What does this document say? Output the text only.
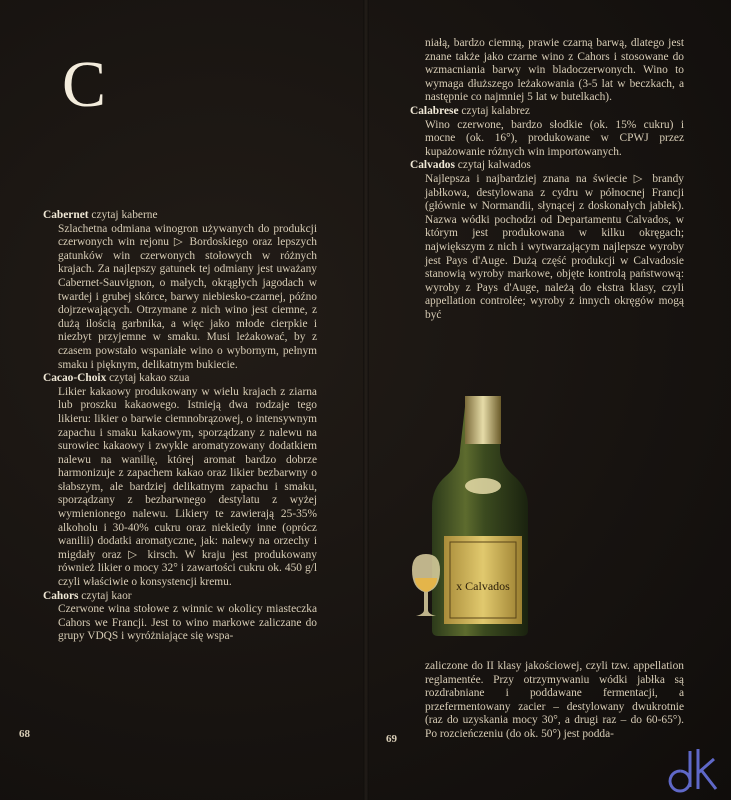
C

Cabernet czytaj kaberne

Szlachetna odmiana winogron używanych do produkcji czerwonych win rejonu ▷ Bordoskiego oraz lepszych gatunków win czerwonych stołowych w różnych krajach. Za najlepszy gatunek tej odmiany jest uważany Cabernet-Sauvignon, o małych, okrągłych jagodach w twardej i grubej skórce, barwy niebiesko-czarnej, późno dojrzewających. Otrzymane z nich wino jest ciemne, z dużą ilością garbnika, a więc jako młode cierpkie i niezbyt przyjemne w smaku. Musi leżakować, by z czasem powstało wspaniałe wino o wybornym, pełnym smaku i pięknym, delikatnym bukiecie.

Cacao-Choix czytaj kakao szua

Likier kakaowy produkowany w wielu krajach z ziarna lub proszku kakaowego. Istnieją dwa rodzaje tego likieru: likier o barwie ciemnobrązowej, o intensywnym zapachu i smaku kakaowym, sporządzany z nalewu na surowiec kakaowy i zwykle aromatyzowany dodatkiem nalewu na wanilię, której aromat bardzo dobrze harmonizuje z zapachem kakao oraz likier bezbarwny o słabszym, ale bardziej delikatnym zapachu i smaku, sporządzany z bezbarwnego destylatu z wyżej wymienionego nalewu. Likiery te zawierają 25-35% alkoholu i 30-40% cukru oraz niekiedy inne (oprócz wanilii) dodatki aromatyczne, jak: nalewy na orzechy i migdały oraz ▷ kirsch. W kraju jest produkowany również likier o mocy 32° i zawartości cukru ok. 450 g/l czyli właściwie o konsystencji kremu.

Cahors czytaj kaor

Czerwone wina stołowe z winnic w okolicy miasteczka Cahors we Francji. Jest to wino markowe zaliczane do grupy VDQS i wyróżniające się wspa-

68

niałą, bardzo ciemną, prawie czarną barwą, dlatego jest znane także jako czarne wino z Cahors i stosowane do wzmacniania barwy win bladoczerwonych. Wino to wymaga dłuższego leżakowania (3-5 lat w beczkach, a następnie co najmniej 5 lat w butelkach).

Calabrese czytaj kalabrez

Wino czerwone, bardzo słodkie (ok. 15% cukru) i mocne (ok. 16°), produkowane w CPWJ przez kupażowanie różnych win importowanych.

Calvados czytaj kalwados

Najlepsza i najbardziej znana na świecie ▷ brandy jabłkowa, destylowana z cydru w północnej Francji (głównie w Normandii, słynącej z doskonałych jabłek). Nazwa wódki pochodzi od Departamentu Calvados, w którym jest produkowana w kilku okręgach; największym z nich i wytwarzającym najlepsze wyroby jest Pays d'Auge. Dużą część produkcji w Calvadosie stanowią wyroby markowe, objęte kontrolą państwową: wyroby z Pays d'Auge, należą do ekstra klasy, czyli appellation controlée; wyroby z innych okręgów mogą być

x Calvados

zaliczone do II klasy jakościowej, czyli tzw. appellation reglamentée. Przy otrzymywaniu wódki jabłka są rozdrabniane i poddawane fermentacji, a przefermentowany zacier – destylowany dwukrotnie (raz do uzyskania mocy 30°, a drugi raz – do 60-65°). Po rozcieńczeniu (do ok. 50°) jest podda-

69
